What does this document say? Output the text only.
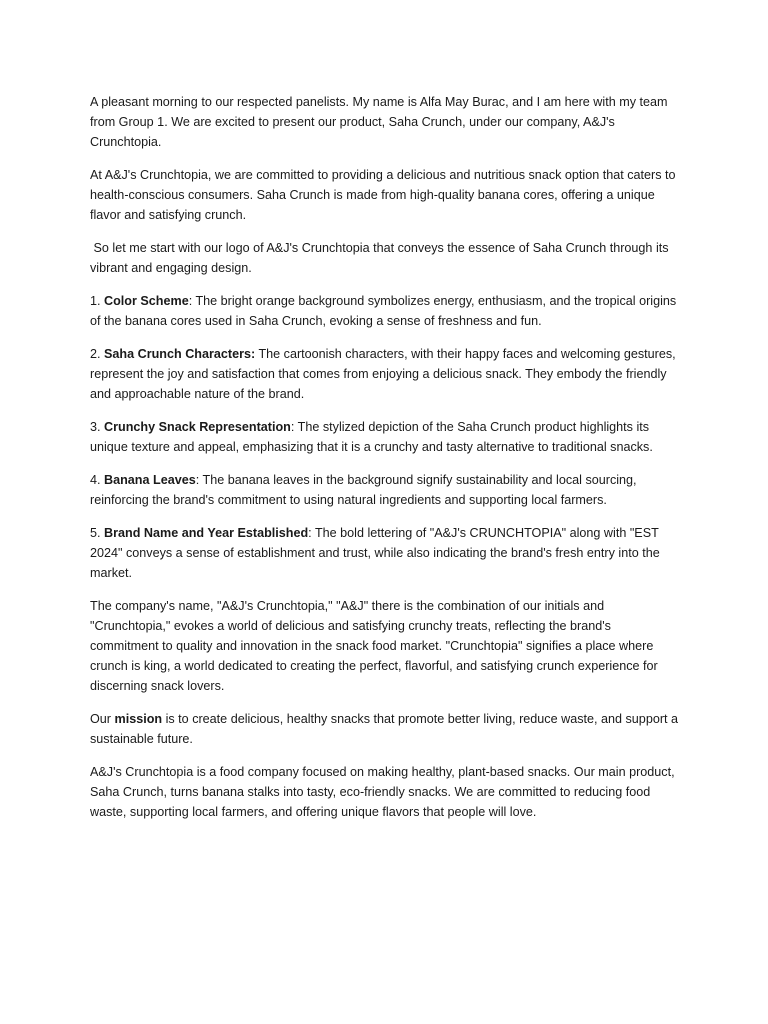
A pleasant morning to our respected panelists. My name is Alfa May Burac, and I am here with my team from Group 1. We are excited to present our product, Saha Crunch, under our company, A&J's Crunchtopia.

At A&J's Crunchtopia, we are committed to providing a delicious and nutritious snack option that caters to health-conscious consumers. Saha Crunch is made from high-quality banana cores, offering a unique flavor and satisfying crunch.

So let me start with our logo of A&J's Crunchtopia that conveys the essence of Saha Crunch through its vibrant and engaging design.

1. Color Scheme: The bright orange background symbolizes energy, enthusiasm, and the tropical origins of the banana cores used in Saha Crunch, evoking a sense of freshness and fun.

2. Saha Crunch Characters: The cartoonish characters, with their happy faces and welcoming gestures, represent the joy and satisfaction that comes from enjoying a delicious snack. They embody the friendly and approachable nature of the brand.

3. Crunchy Snack Representation: The stylized depiction of the Saha Crunch product highlights its unique texture and appeal, emphasizing that it is a crunchy and tasty alternative to traditional snacks.

4. Banana Leaves: The banana leaves in the background signify sustainability and local sourcing, reinforcing the brand's commitment to using natural ingredients and supporting local farmers.

5. Brand Name and Year Established: The bold lettering of "A&J's CRUNCHTOPIA" along with "EST 2024" conveys a sense of establishment and trust, while also indicating the brand's fresh entry into the market.

The company's name, "A&J's Crunchtopia," "A&J" there is the combination of our initials and "Crunchtopia," evokes a world of delicious and satisfying crunchy treats, reflecting the brand's commitment to quality and innovation in the snack food market. "Crunchtopia" signifies a place where crunch is king, a world dedicated to creating the perfect, flavorful, and satisfying crunch experience for discerning snack lovers.

Our mission is to create delicious, healthy snacks that promote better living, reduce waste, and support a sustainable future.

A&J's Crunchtopia is a food company focused on making healthy, plant-based snacks. Our main product, Saha Crunch, turns banana stalks into tasty, eco-friendly snacks. We are committed to reducing food waste, supporting local farmers, and offering unique flavors that people will love.
